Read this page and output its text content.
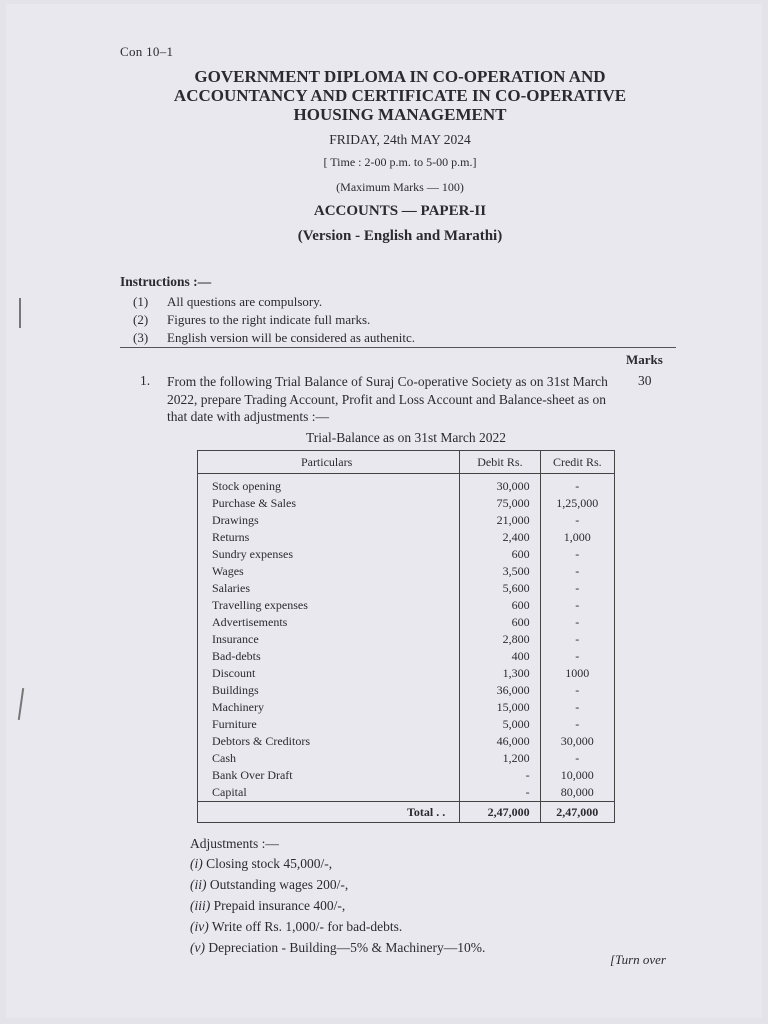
Con 10–1
GOVERNMENT DIPLOMA IN CO-OPERATION AND
ACCOUNTANCY AND CERTIFICATE IN CO-OPERATIVE
HOUSING MANAGEMENT
FRIDAY, 24th MAY 2024
[ Time : 2-00 p.m. to 5-00 p.m.]
(Maximum Marks — 100)
ACCOUNTS — PAPER-II
(Version - English and Marathi)
Instructions :—
(1) All questions are compulsory.
(2) Figures to the right indicate full marks.
(3) English version will be considered as authenitc.
Marks
1. From the following Trial Balance of Suraj Co-operative Society as on 31st March 2022, prepare Trading Account, Profit and Loss Account and Balance-sheet as on that date with adjustments :—
30
Trial-Balance as on 31st March 2022
Particulars	Debit Rs.	Credit Rs.
Stock opening	30,000	-
Purchase & Sales	75,000	1,25,000
Drawings	21,000	-
Returns	2,400	1,000
Sundry expenses	600	-
Wages	3,500	-
Salaries	5,600	-
Travelling expenses	600	-
Advertisements	600	-
Insurance	2,800	-
Bad-debts	400	-
Discount	1,300	1000
Buildings	36,000	-
Machinery	15,000	-
Furniture	5,000	-
Debtors & Creditors	46,000	30,000
Cash	1,200	-
Bank Over Draft	-	10,000
Capital	-	80,000
Total . .	2,47,000	2,47,000
Adjustments :—
(i) Closing stock 45,000/-,
(ii) Outstanding wages 200/-,
(iii) Prepaid insurance 400/-,
(iv) Write off Rs. 1,000/- for bad-debts.
(v) Depreciation - Building—5% & Machinery—10%.
[Turn over
